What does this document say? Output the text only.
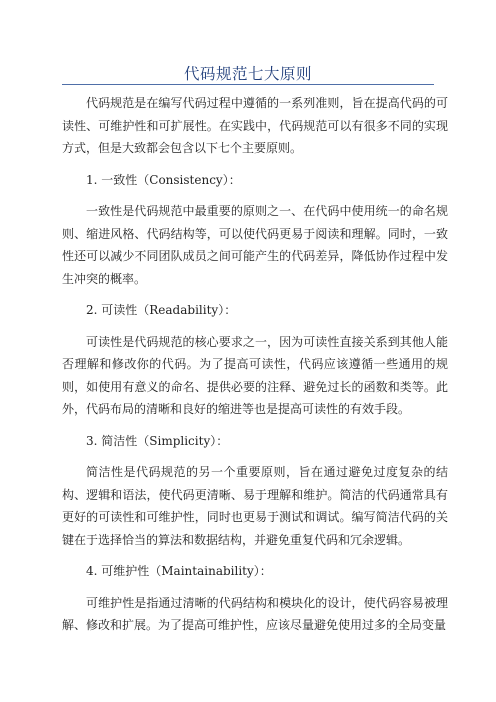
代码规范七大原则

代码规范是在编写代码过程中遵循的一系列准则，旨在提高代码的可读性、可维护性和可扩展性。在实践中，代码规范可以有很多不同的实现方式，但是大致都会包含以下七个主要原则。

1. 一致性（Consistency）：

一致性是代码规范中最重要的原则之一、在代码中使用统一的命名规则、缩进风格、代码结构等，可以使代码更易于阅读和理解。同时，一致性还可以减少不同团队成员之间可能产生的代码差异，降低协作过程中发生冲突的概率。

2. 可读性（Readability）：

可读性是代码规范的核心要求之一，因为可读性直接关系到其他人能否理解和修改你的代码。为了提高可读性，代码应该遵循一些通用的规则，如使用有意义的命名、提供必要的注释、避免过长的函数和类等。此外，代码布局的清晰和良好的缩进等也是提高可读性的有效手段。

3. 简洁性（Simplicity）：

简洁性是代码规范的另一个重要原则，旨在通过避免过度复杂的结构、逻辑和语法，使代码更清晰、易于理解和维护。简洁的代码通常具有更好的可读性和可维护性，同时也更易于测试和调试。编写简洁代码的关键在于选择恰当的算法和数据结构，并避免重复代码和冗余逻辑。

4. 可维护性（Maintainability）：

可维护性是指通过清晰的代码结构和模块化的设计，使代码容易被理解、修改和扩展。为了提高可维护性，应该尽量避免使用过多的全局变量
